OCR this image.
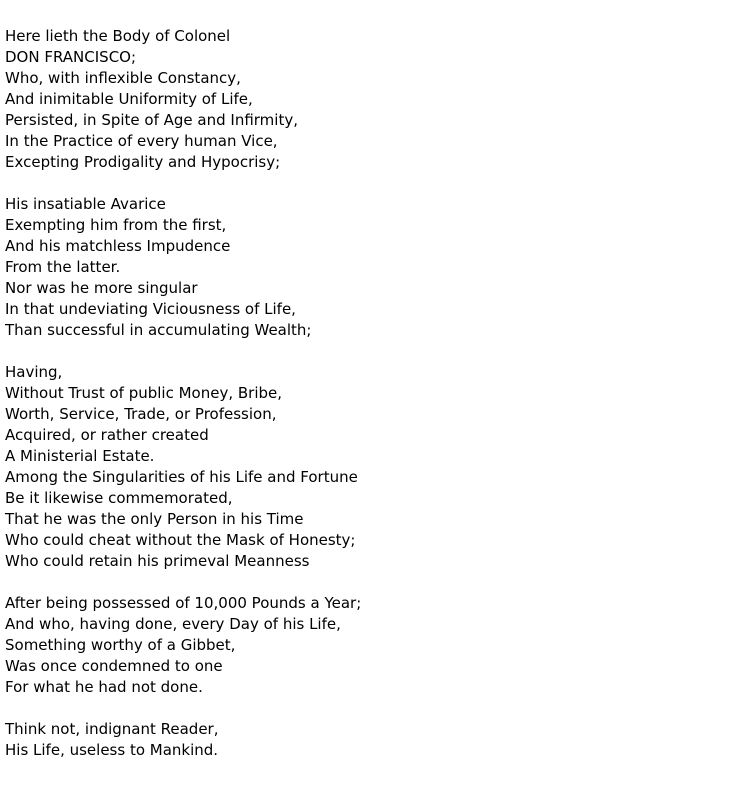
Here lieth the Body of Colonel
DON FRANCISCO;
Who, with inflexible Constancy,
And inimitable Uniformity of Life,
Persisted, in Spite of Age and Infirmity,
In the Practice of every human Vice,
Excepting Prodigality and Hypocrisy;
His insatiable Avarice
Exempting him from the first,
And his matchless Impudence
From the latter.
Nor was he more singular
In that undeviating Viciousness of Life,
Than successful in accumulating Wealth;
Having,
Without Trust of public Money, Bribe,
Worth, Service, Trade, or Profession,
Acquired, or rather created
A Ministerial Estate.
Among the Singularities of his Life and Fortune
Be it likewise commemorated,
That he was the only Person in his Time
Who could cheat without the Mask of Honesty;
Who could retain his primeval Meanness
After being possessed of 10,000 Pounds a Year;
And who, having done, every Day of his Life,
Something worthy of a Gibbet,
Was once condemned to one
For what he had not done.
Think not, indignant Reader,
His Life, useless to Mankind.
